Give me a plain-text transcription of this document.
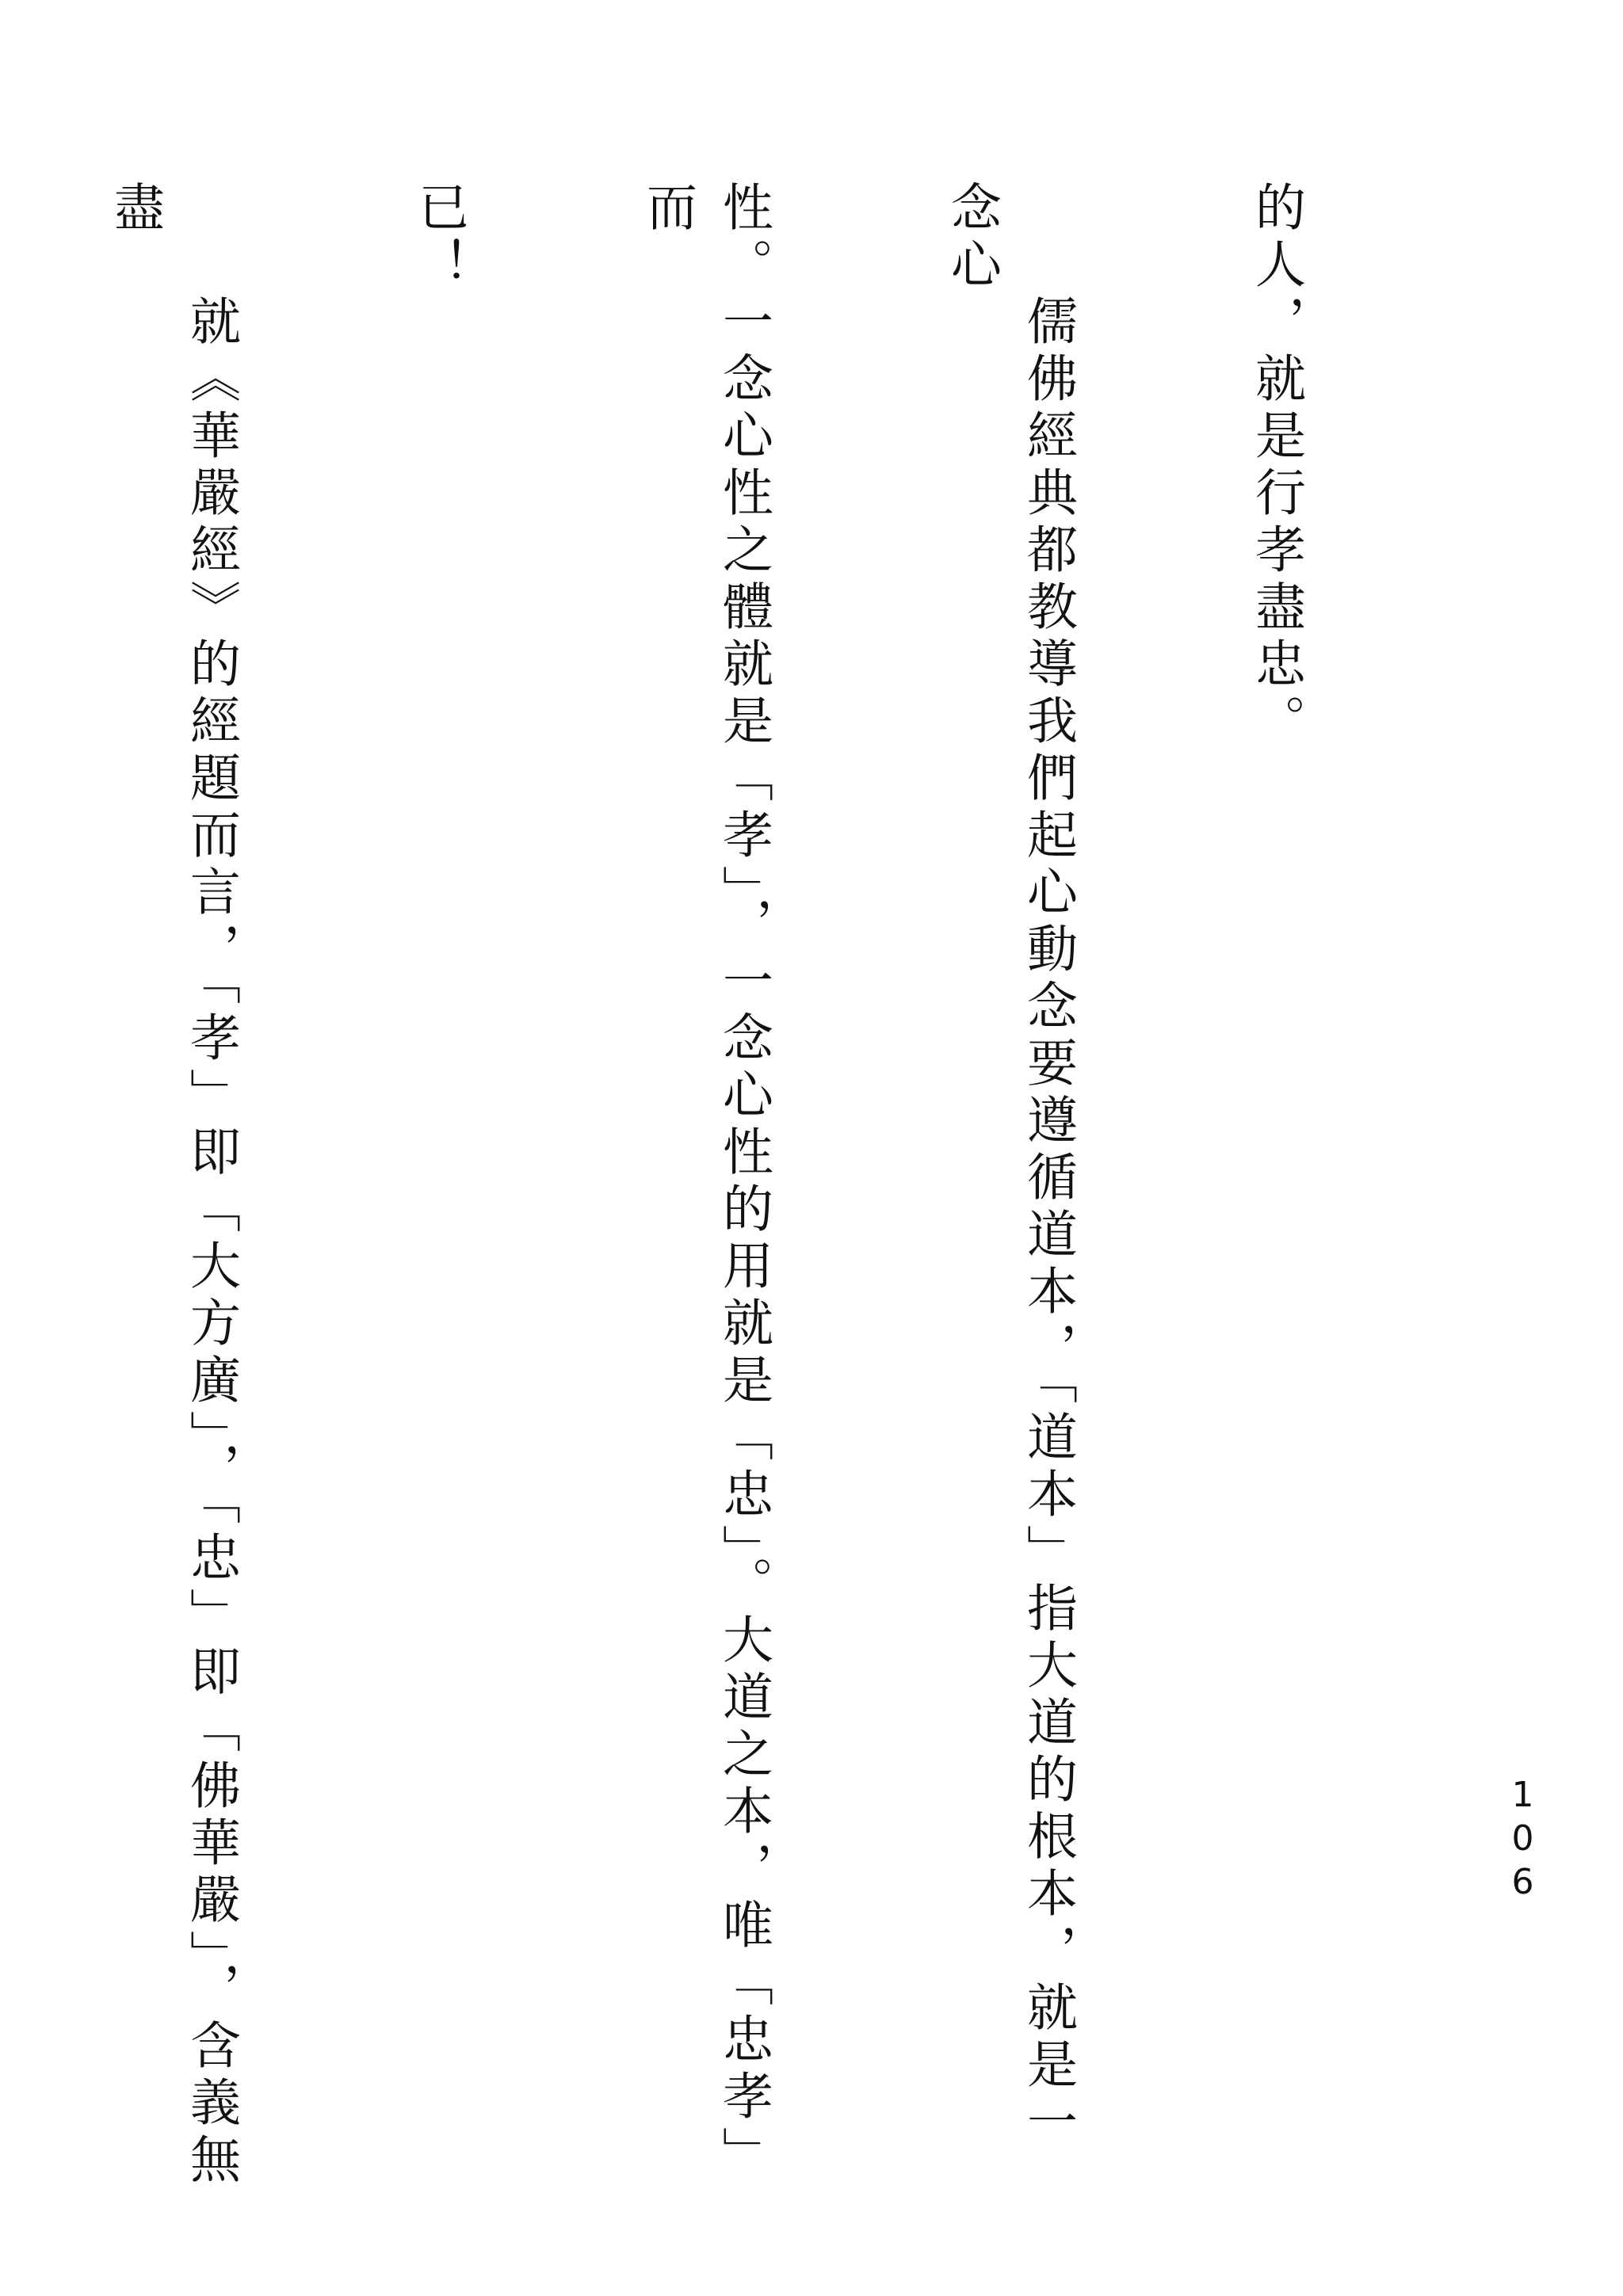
的人，就是行孝盡忠。

　　儒佛經典都教導我們起心動念要遵循道本，「道本」指大道的根本，就是一念心

性。一念心性之體就是「孝」，一念心性的用就是「忠」。大道之本，唯「忠孝」而

已！

　　就《華嚴經》的經題而言，「孝」即「大方廣」，「忠」即「佛華嚴」，含義無盡

106
